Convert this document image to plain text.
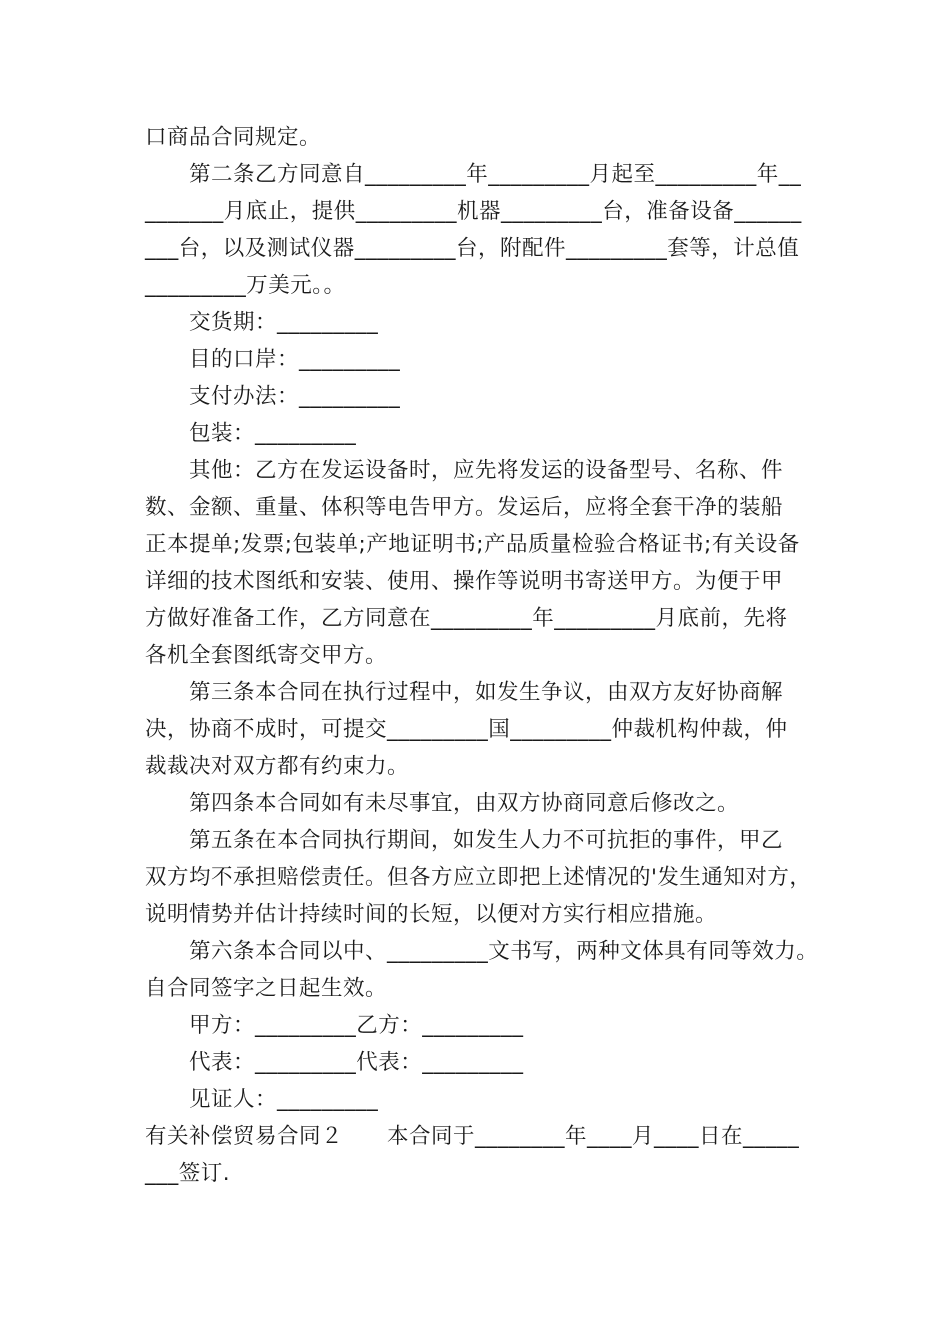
口商品合同规定。
第二条乙方同意自_________年_________月起至_________年__
_______月底止，提供_________机器_________台，准备设备______
___台，以及测试仪器_________台，附配件_________套等，计总值
_________万美元。。
交货期：_________
目的口岸：_________
支付办法：_________
包装：_________
其他：乙方在发运设备时，应先将发运的设备型号、名称、件
数、金额、重量、体积等电告甲方。发运后，应将全套干净的装船
正本提单;发票;包装单;产地证明书;产品质量检验合格证书;有关设备
详细的技术图纸和安装、使用、操作等说明书寄送甲方。为便于甲
方做好准备工作，乙方同意在_________年_________月底前，先将
各机全套图纸寄交甲方。
第三条本合同在执行过程中，如发生争议，由双方友好协商解
决，协商不成时，可提交_________国_________仲裁机构仲裁，仲
裁裁决对双方都有约束力。
第四条本合同如有未尽事宜，由双方协商同意后修改之。
第五条在本合同执行期间，如发生人力不可抗拒的事件，甲乙
双方均不承担赔偿责任。但各方应立即把上述情况的'发生通知对方，
说明情势并估计持续时间的长短，以便对方实行相应措施。
第六条本合同以中、_________文书写，两种文体具有同等效力。
自合同签字之日起生效。
甲方：_________乙方：_________
代表：_________代表：_________
见证人：_________
有关补偿贸易合同２　　本合同于________年____月____日在_____
___签订.
